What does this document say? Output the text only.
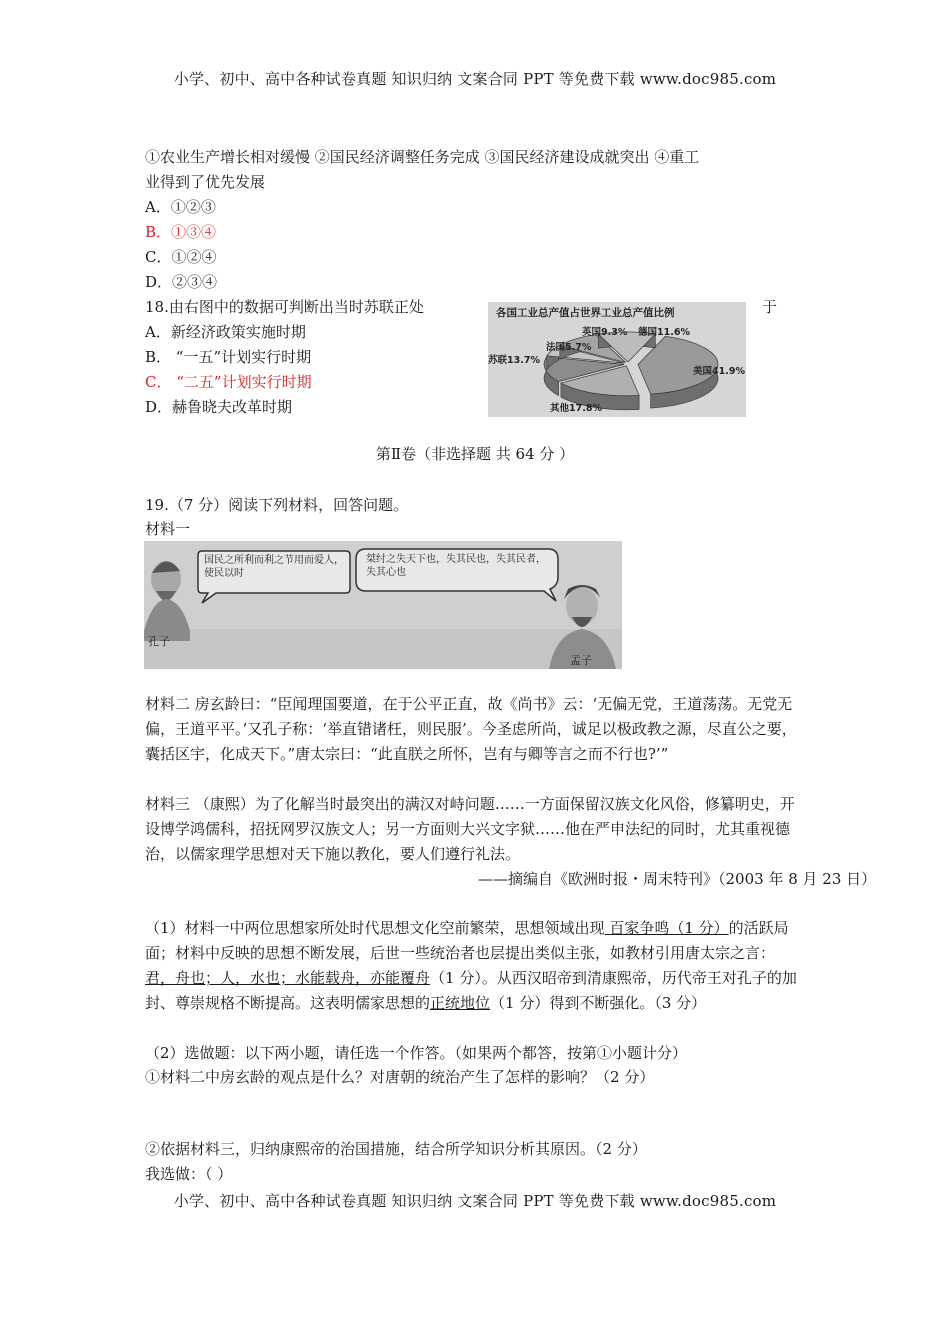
小学、初中、高中各种试卷真题 知识归纳 文案合同 PPT 等免费下载 www.doc985.com
①农业生产增长相对缓慢 ②国民经济调整任务完成 ③国民经济建设成就突出 ④重工
业得到了优先发展
A．①②③
B．①③④
C．①②④
D．②③④
18.由右图中的数据可判断出当时苏联正处	于
A．新经济政策实施时期
B． “一五”计划实行时期
C． “二五”计划实行时期
D．赫鲁晓夫改革时期
各国工业总产值占世界工业总产值比例
美国41.9%
其他17.8%
苏联13.7%
法国5.7%
英国9.3% 德国11.6%
第Ⅱ卷（非选择题 共 64 分 ）
19.（7 分）阅读下列材料，回答问题。
材料一
国民之所利而利之节用而爱人，使民以时
桀纣之失天下也，失其民也，失其民者，失其心也
孔子
孟子
材料二 房玄龄曰：“臣闻理国要道，在于公平正直，故《尚书》云：‘无偏无党，王道荡荡。无党无偏，王道平平。’又孔子称：‘举直错诸枉，则民服’。今圣虑所尚，诚足以极政教之源，尽直公之要，囊括区宇，化成天下。”唐太宗曰：“此直朕之所怀，岂有与卿等言之而不行也?’”
材料三 （康熙）为了化解当时最突出的满汉对峙问题……一方面保留汉族文化风俗，修纂明史，开设博学鸿儒科，招抚网罗汉族文人；另一方面则大兴文字狱……他在严申法纪的同时，尤其重视德治，以儒家理学思想对天下施以教化，要人们遵行礼法。
——摘编自《欧洲时报・周末特刊》（2003 年 8 月 23 日）
（1）材料一中两位思想家所处时代思想文化空前繁荣，思想领域出现 百家争鸣（1 分）的活跃局面；材料中反映的思想不断发展，后世一些统治者也层提出类似主张，如教材引用唐太宗之言：君，舟也；人，水也；水能载舟，亦能覆舟（1 分）。从西汉昭帝到清康熙帝，历代帝王对孔子的加封、尊崇规格不断提高。这表明儒家思想的正统地位（1 分）得到不断强化。（3 分）
（2）选做题：以下两小题，请任选一个作答。（如果两个都答，按第①小题计分）
①材料二中房玄龄的观点是什么？对唐朝的统治产生了怎样的影响？（2 分）
②依据材料三，归纳康熙帝的治国措施，结合所学知识分析其原因。（2 分）
我选做：（ ）
小学、初中、高中各种试卷真题 知识归纳 文案合同 PPT 等免费下载 www.doc985.com
